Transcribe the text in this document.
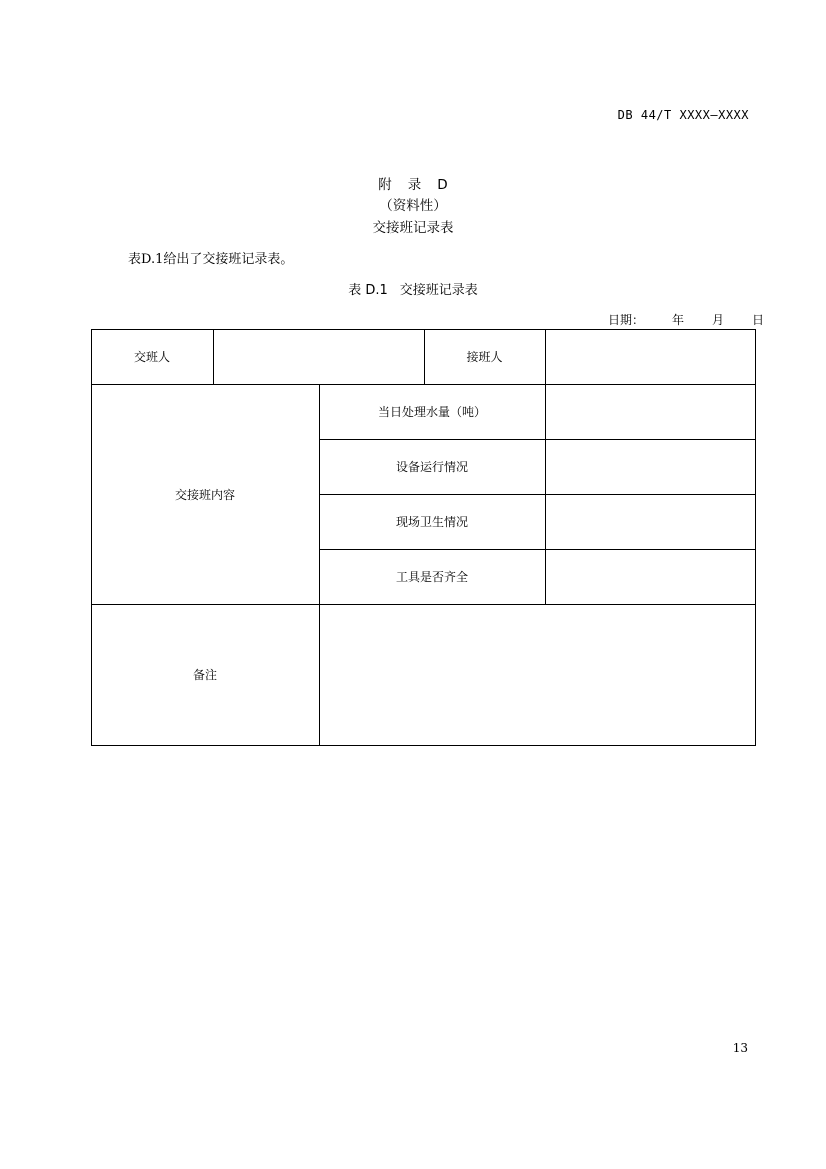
DB 44/T XXXX—XXXX
附 录 D
（资料性）
交接班记录表
表D.1给出了交接班记录表。
表 D.1 交接班记录表
日期： 年 月 日
交班人	接班人
交接班内容
当日处理水量（吨）
设备运行情况
现场卫生情况
工具是否齐全
备注
13
